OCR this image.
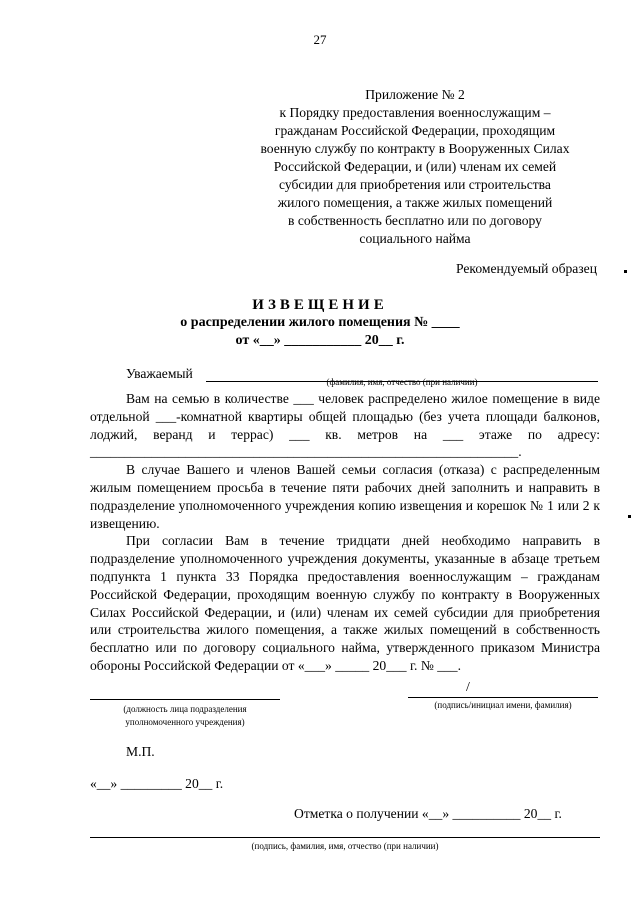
27
Приложение № 2
к Порядку предоставления военнослужащим –
гражданам Российской Федерации, проходящим
военную службу по контракту в Вооруженных Силах
Российской Федерации, и (или) членам их семей
субсидии для приобретения или строительства
жилого помещения, а также жилых помещений
в собственность бесплатно или по договору
социального найма
Рекомендуемый образец
ИЗВЕЩЕНИЕ
о распределении жилого помещения № ____
от «__» ___________ 20__ г.
Уважаемый
(фамилия, имя, отчество (при наличии)

Вам на семью в количестве ___ человек распределено жилое помещение в виде отдельной ___-комнатной квартиры общей площадью (без учета площади балконов, лоджий, веранд и террас) ___ кв. метров на ___ этаже по адресу: _______________________________________________________________.

В случае Вашего и членов Вашей семьи согласия (отказа) с распределенным жилым помещением просьба в течение пяти рабочих дней заполнить и направить в подразделение уполномоченного учреждения копию извещения и корешок № 1 или 2 к извещению.

При согласии Вам в течение тридцати дней необходимо направить в подразделение уполномоченного учреждения документы, указанные в абзаце третьем подпункта 1 пункта 33 Порядка предоставления военнослужащим – гражданам Российской Федерации, проходящим военную службу по контракту в Вооруженных Силах Российской Федерации, и (или) членам их семей субсидии для приобретения или строительства жилого помещения, а также жилых помещений в собственность бесплатно или по договору социального найма, утвержденного приказом Министра обороны Российской Федерации от «___» _____ 20___ г. № ___.

(должность лица подразделения уполномоченного учреждения)
/
(подпись/инициал имени, фамилия)
М.П.
«__» _________ 20__ г.
Отметка о получении «__» __________ 20__ г.
(подпись, фамилия, имя, отчество (при наличии)
